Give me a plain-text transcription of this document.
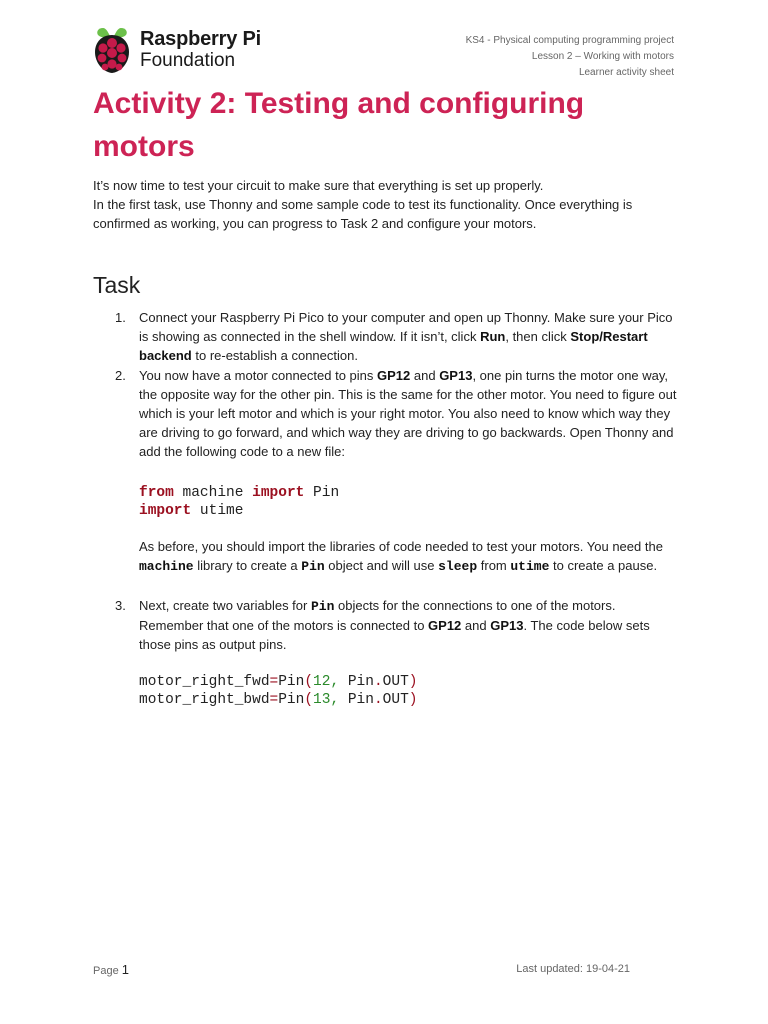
Raspberry Pi
Foundation
KS4 - Physical computing programming project
Lesson 2 – Working with motors
Learner activity sheet
Activity 2: Testing and configuring motors
It’s now time to test your circuit to make sure that everything is set up properly.
In the first task, use Thonny and some sample code to test its functionality. Once everything is confirmed as working, you can progress to Task 2 and configure your motors.
Task
1. Connect your Raspberry Pi Pico to your computer and open up Thonny. Make sure your Pico is showing as connected in the shell window. If it isn’t, click Run, then click Stop/Restart backend to re-establish a connection.

2. You now have a motor connected to pins GP12 and GP13, one pin turns the motor one way, the opposite way for the other pin. This is the same for the other motor. You need to figure out which is your left motor and which is your right motor. You also need to know which way they are driving to go forward, and which way they are driving to go backwards. Open Thonny and add the following code to a new file:

from machine import Pin
import utime

As before, you should import the libraries of code needed to test your motors. You need the machine library to create a Pin object and will use sleep from utime to create a pause.

3. Next, create two variables for Pin objects for the connections to one of the motors. Remember that one of the motors is connected to GP12 and GP13. The code below sets those pins as output pins.

motor_right_fwd=Pin(12, Pin.OUT)
motor_right_bwd=Pin(13, Pin.OUT)
Page 1	Last updated: 19-04-21
